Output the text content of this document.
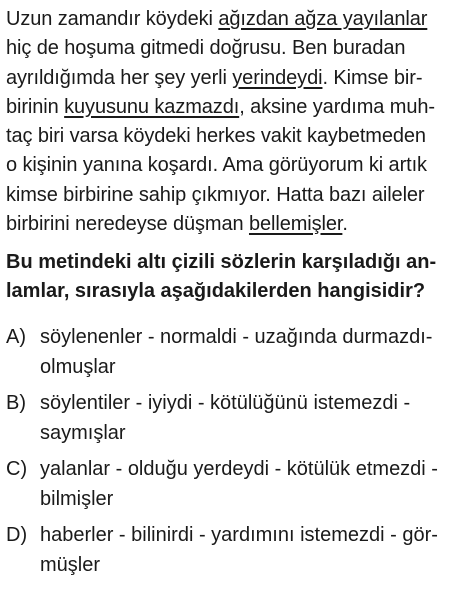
Uzun zamandır köydeki ağızdan ağza yayılanlar
hiç de hoşuma gitmedi doğrusu. Ben buradan
ayrıldığımda her şey yerli yerindeydi. Kimse bir-
birinin kuyusunu kazmazdı, aksine yardıma muh-
taç biri varsa köydeki herkes vakit kaybetmeden
o kişinin yanına koşardı. Ama görüyorum ki artık
kimse birbirine sahip çıkmıyor. Hatta bazı aileler
birbirini neredeyse düşman bellemişler.
Bu metindeki altı çizili sözlerin karşıladığı an-
lamlar, sırasıyla aşağıdakilerden hangisidir?
A) söylenenler - normaldi - uzağında durmazdı-
olmuşlar
B) söylentiler - iyiydi - kötülüğünü istemezdi -
saymışlar
C) yalanlar - olduğu yerdeydi - kötülük etmezdi -
bilmişler
D) haberler - bilinirdi - yardımını istemezdi - gör-
müşler
